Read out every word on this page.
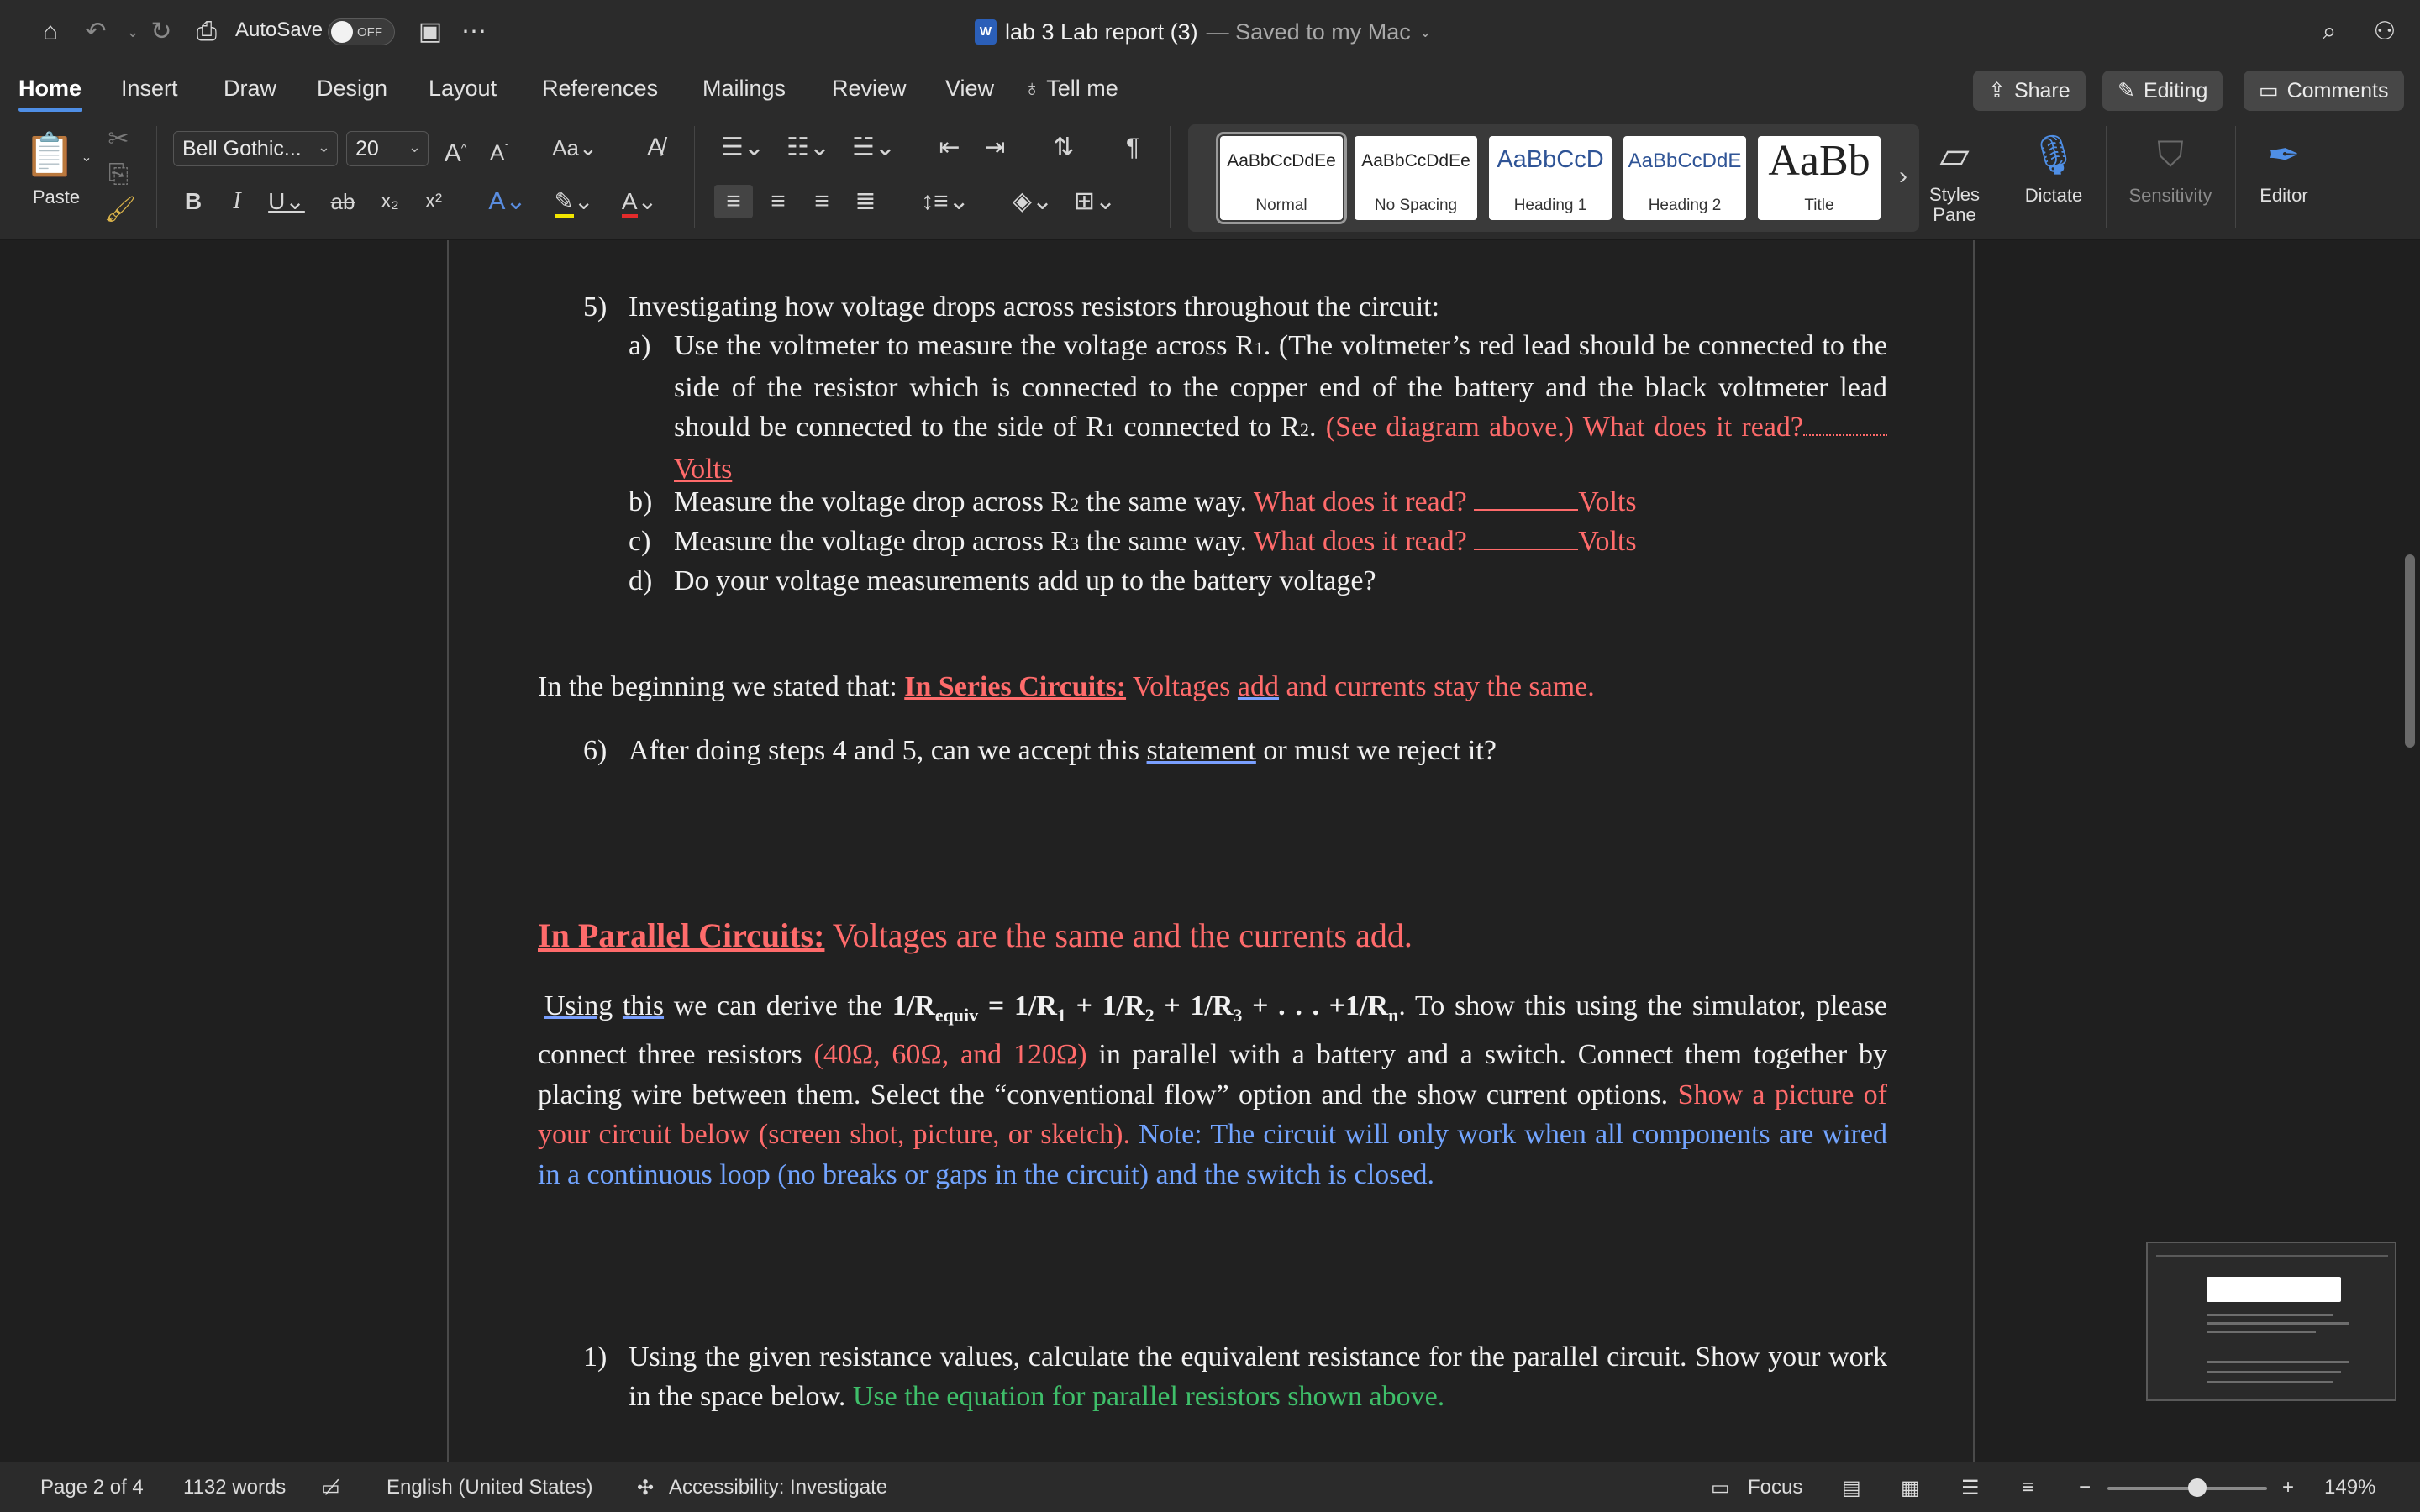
⌂	↶	⌄ ↻ ⎙ AutoSave	OFF ▣ ⋯	W lab 3 Lab report (3) — Saved to my Mac ⌄	⌕	⚇
Home Insert Draw Design Layout References Mailings Review View ♁ Tell me	⇪ Share ✎ Editing ▭ Comments
📋 ⌄
Paste
✂
⎘
🖌
Bell Gothic... ⌄	20 ⌄ A^	$A^ˇ$	Aa⌄	A̸
B	I	U⌄ ab	x₂	x² A⌄ ✎⌄	A⌄
☰⌄ ☷⌄ ☱⌄	⇤ ⇥	⇅	¶
≡	≡	≡	≣	↕≡⌄ ◈⌄ ⊞⌄
AaBbCcDdEe
Normal
AaBbCcDdEe
No Spacing
AaBbCcD
Heading 1
AaBbCcDdE
Heading 2
AaBb
Title
› ▱
Styles Pane
🎙
Dictate
⛉
Sensitivity
✒
Editor
5) Investigating how voltage drops across resistors throughout the circuit:
a) Use the voltmeter to measure the voltage across R1. (The voltmeter’s red lead should be connected to the side of the resistor which is connected to the copper end of the battery and the black voltmeter lead should be connected to the side of R1 connected to R2. (See diagram above.) What does it read?Volts
b) Measure the voltage drop across R2 the same way. What does it read?	Volts
c) Measure the voltage drop across R3 the same way. What does it read?	Volts
d) Do your voltage measurements add up to the battery voltage?
In the beginning we stated that: In Series Circuits: Voltages add and currents stay the same.
6) After doing steps 4 and 5, can we accept this statement or must we reject it?
In Parallel Circuits: Voltages are the same and the currents add.
Using this we can derive the $1/R_{equiv} = 1/R_1 + 1/R_2 + 1/R_3$ + . . . $+1/R_n$. To show this using the simulator, please connect three resistors (40Ω, 60Ω, and 120Ω) in parallel with a battery and a switch. Connect them together by placing wire between them. Select the “conventional flow” option and the show current options. Show a picture of your circuit below (screen shot, picture, or sketch). Note: The circuit will only work when all components are wired in a continuous loop (no breaks or gaps in the circuit) and the switch is closed.
1) Using the given resistance values, calculate the equivalent resistance for the parallel circuit. Show your work in the space below. Use the equation for parallel resistors shown above.
Page 2 of 4 1132 words ▭̸ English (United States) ✣ Accessibility: Investigate	▭ Focus ▤ ▦ ☰ ≡ −	+ 149%
